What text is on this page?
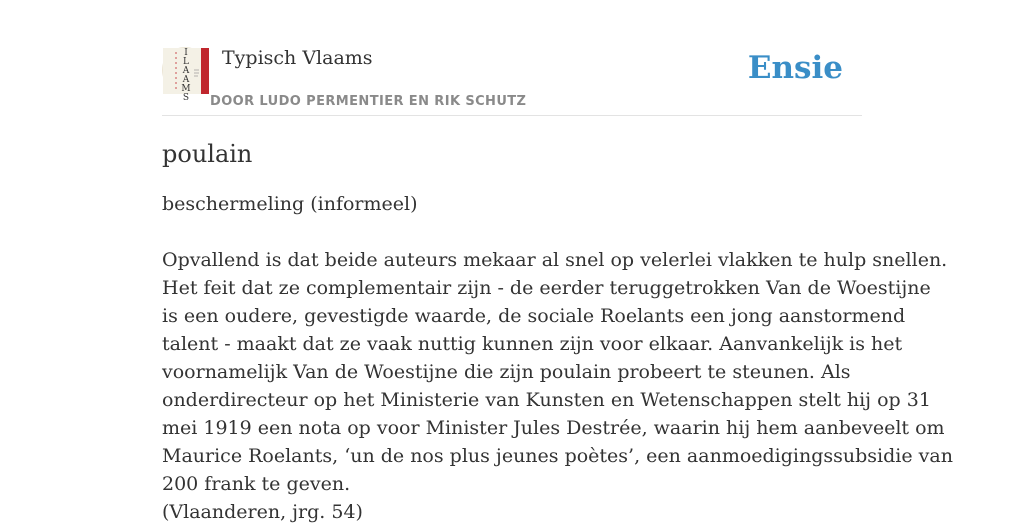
I
L
A
A
M
S
Typisch Vlaams
DOOR LUDO PERMENTIER EN RIK SCHUTZ
Ensie
poulain

beschermeling (informeel)

Opvallend is dat beide auteurs mekaar al snel op velerlei vlakken te hulp snellen.
Het feit dat ze complementair zijn - de eerder teruggetrokken Van de Woestijne
is een oudere, gevestigde waarde, de sociale Roelants een jong aanstormend
talent - maakt dat ze vaak nuttig kunnen zijn voor elkaar. Aanvankelijk is het
voornamelijk Van de Woestijne die zijn poulain probeert te steunen. Als
onderdirecteur op het Ministerie van Kunsten en Wetenschappen stelt hij op 31
mei 1919 een nota op voor Minister Jules Destrée, waarin hij hem aanbeveelt om
Maurice Roelants, ‘un de nos plus jeunes poètes’, een aanmoedigingssubsidie van
200 frank te geven.
(Vlaanderen, jrg. 54)
